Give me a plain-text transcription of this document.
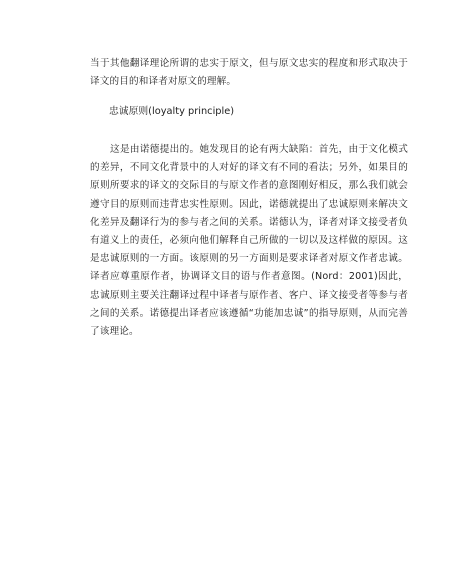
当于其他翻译理论所谓的忠实于原文，但与原文忠实的程度和形式取决于译文的目的和译者对原文的理解。

忠诚原则(loyalty principle)

这是由诺德提出的。她发现目的论有两大缺陷：首先，由于文化模式的差异，不同文化背景中的人对好的译文有不同的看法；另外，如果目的原则所要求的译文的交际目的与原文作者的意图刚好相反，那么我们就会遵守目的原则而违背忠实性原则。因此，诺德就提出了忠诚原则来解决文化差异及翻译行为的参与者之间的关系。诺德认为，译者对译文接受者负有道义上的责任，必须向他们解释自己所做的一切以及这样做的原因。这是忠诚原则的一方面。该原则的另一方面则是要求译者对原文作者忠诚。译者应尊重原作者，协调译文目的语与作者意图。(Nord：2001)因此，忠诚原则主要关注翻译过程中译者与原作者、客户、译文接受者等参与者之间的关系。诺德提出译者应该遵循“功能加忠诚”的指导原则，从而完善了该理论。
